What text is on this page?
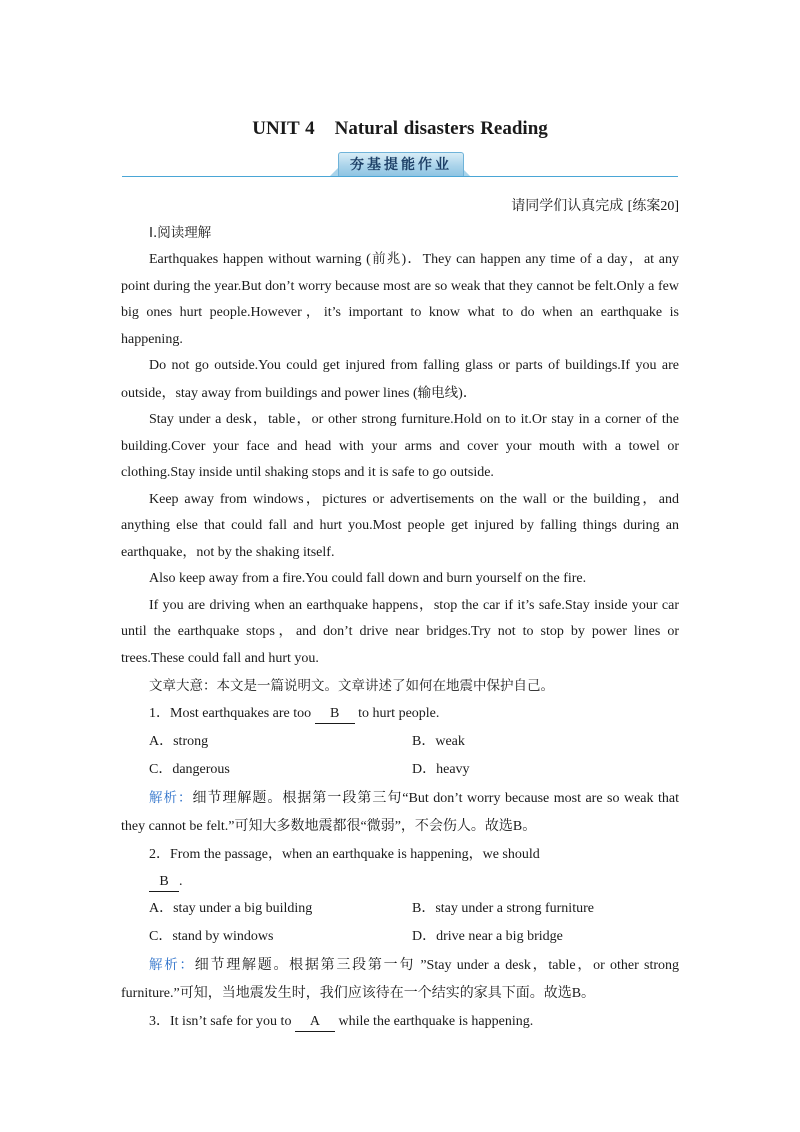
UNIT 4 Natural disasters Reading
夯基提能作业
请同学们认真完成 [练案20]
I.阅读理解

Earthquakes happen without warning (前兆)．They can happen any time of a day，at any point during the year.But don’t worry because most are so weak that they cannot be felt.Only a few big ones hurt people.However，it’s important to know what to do when an earthquake is happening.

Do not go outside.You could get injured from falling glass or parts of buildings.If you are outside，stay away from buildings and power lines (输电线)．

Stay under a desk，table，or other strong furniture.Hold on to it.Or stay in a corner of the building.Cover your face and head with your arms and cover your mouth with a towel or clothing.Stay inside until shaking stops and it is safe to go outside.

Keep away from windows，pictures or advertisements on the wall or the building，and anything else that could fall and hurt you.Most people get injured by falling things during an earthquake，not by the shaking itself.

Also keep away from a fire.You could fall down and burn yourself on the fire.

If you are driving when an earthquake happens，stop the car if it’s safe.Stay inside your car until the earthquake stops，and don’t drive near bridges.Try not to stop by power lines or trees.These could fall and hurt you.

文章大意：本文是一篇说明文。文章讲述了如何在地震中保护自己。
1．Most earthquakes are too B to hurt people.
A．strong	B．weak
C．dangerous	D．heavy

解析：细节理解题。根据第一段第三句“But don’t worry because most are so weak that they cannot be felt.”可知大多数地震都很“微弱”，不会伤人。故选B。

2．From the passage，when an earthquake is happening，we should
B .
A．stay under a big building	B．stay under a strong furniture
C．stand by windows	D．drive near a big bridge

解析：细节理解题。根据第三段第一句 ”Stay under a desk，table，or other strong furniture.”可知，当地震发生时，我们应该待在一个结实的家具下面。故选B。

3．It isn’t safe for you to A while the earthquake is happening.
